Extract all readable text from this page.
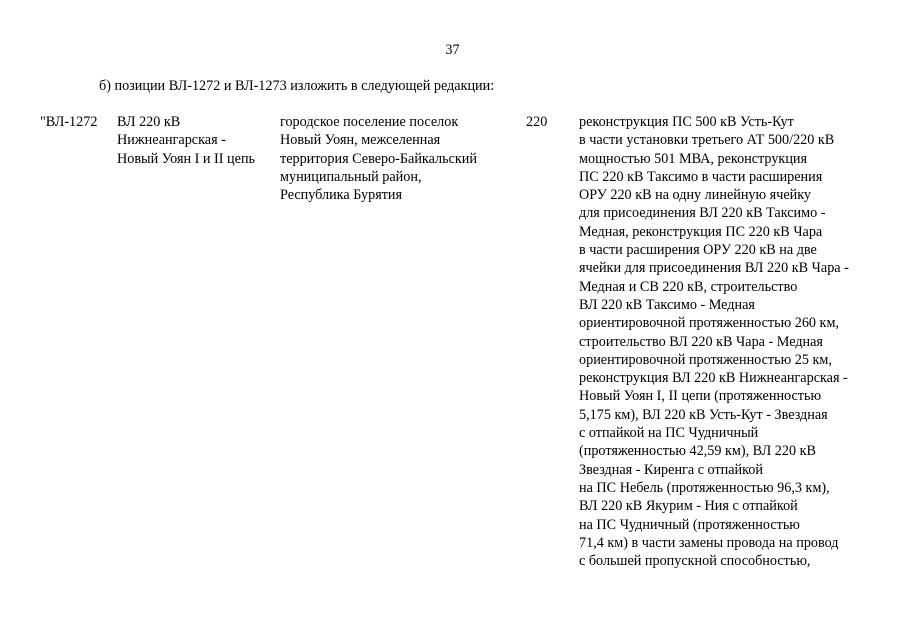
37
б) позиции ВЛ-1272 и ВЛ-1273 изложить в следующей редакции:
"ВЛ-1272 ВЛ 220 кВ
Нижнеангарская -
Новый Уоян I и II цепь
городское поселение поселок
Новый Уоян, межселенная
территория Северо-Байкальский
муниципальный район,
Республика Бурятия
220 реконструкция ПС 500 кВ Усть-Кут
в части установки третьего АТ 500/220 кВ
мощностью 501 МВА, реконструкция
ПС 220 кВ Таксимо в части расширения
ОРУ 220 кВ на одну линейную ячейку
для присоединения ВЛ 220 кВ Таксимо -
Медная, реконструкция ПС 220 кВ Чара
в части расширения ОРУ 220 кВ на две
ячейки для присоединения ВЛ 220 кВ Чара -
Медная и СВ 220 кВ, строительство
ВЛ 220 кВ Таксимо - Медная
ориентировочной протяженностью 260 км,
строительство ВЛ 220 кВ Чара - Медная
ориентировочной протяженностью 25 км,
реконструкция ВЛ 220 кВ Нижнеангарская -
Новый Уоян I, II цепи (протяженностью
5,175 км), ВЛ 220 кВ Усть-Кут - Звездная
с отпайкой на ПС Чудничный
(протяженностью 42,59 км), ВЛ 220 кВ
Звездная - Киренга с отпайкой
на ПС Небель (протяженностью 96,3 км),
ВЛ 220 кВ Якурим - Ния с отпайкой
на ПС Чудничный (протяженностью
71,4 км) в части замены провода на провод
с большей пропускной способностью,
